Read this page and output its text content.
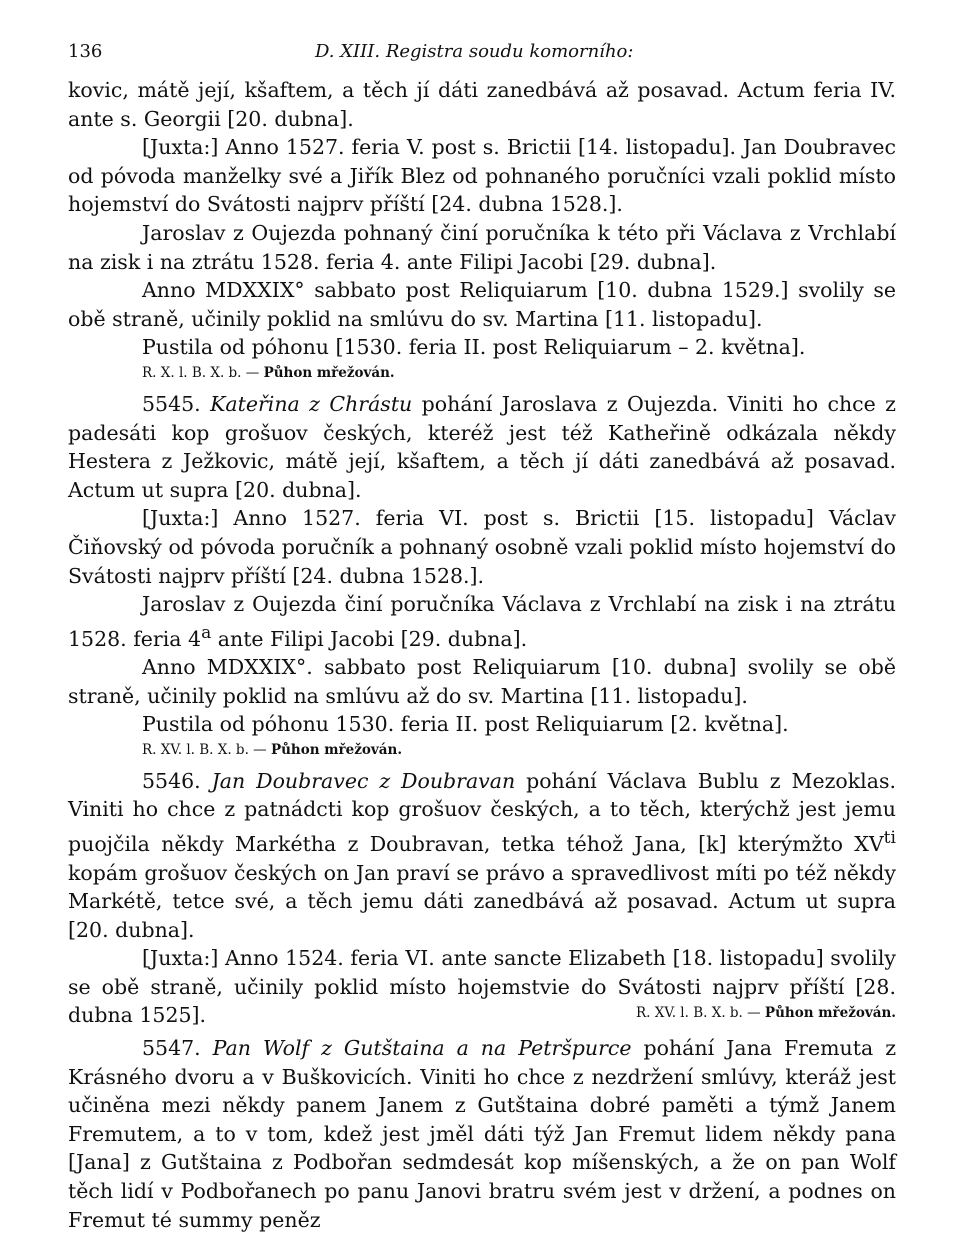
136	D. XIII. Registra soudu komorního:

kovic, mátě její, kšaftem, a těch jí dáti zanedbává až posavad. Actum feria IV. ante s. Georgii [20. dubna].

[Juxta:] Anno 1527. feria V. post s. Brictii [14. listopadu]. Jan Doubravec od póvoda manželky své a Jiřík Blez od pohnaného poručníci vzali poklid místo hojemství do Svátosti najprv příští [24. dubna 1528.].

Jaroslav z Oujezda pohnaný činí poručníka k této při Václava z Vrchlabí na zisk i na ztrátu 1528. feria 4. ante Filipi Jacobi [29. dubna].

Anno MDXXIX° sabbato post Reliquiarum [10. dubna 1529.] svolily se obě straně, učinily poklid na smlúvu do sv. Martina [11. listopadu].

Pustila od póhonu [1530. feria II. post Reliquiarum – 2. května].

R. X. l. B. X. b. — Půhon mřežován.

5545. Kateřina z Chrástu pohání Jaroslava z Oujezda. Viniti ho chce z padesáti kop grošuov českých, kteréž jest též Katheřině odkázala někdy Hestera z Ježkovic, mátě její, kšaftem, a těch jí dáti zanedbává až posavad. Actum ut supra [20. dubna].

[Juxta:] Anno 1527. feria VI. post s. Brictii [15. listopadu] Václav Čiňovský od póvoda poručník a pohnaný osobně vzali poklid místo hojemství do Svátosti najprv příští [24. dubna 1528.].

Jaroslav z Oujezda činí poručníka Václava z Vrchlabí na zisk i na ztrátu 1528. feria 4$^a$ ante Filipi Jacobi [29. dubna].

Anno MDXXIX°. sabbato post Reliquiarum [10. dubna] svolily se obě straně, učinily poklid na smlúvu až do sv. Martina [11. listopadu].

Pustila od póhonu 1530. feria II. post Reliquiarum [2. května].

R. XV. l. B. X. b. — Půhon mřežován.

5546. Jan Doubravec z Doubravan pohání Václava Bublu z Mezoklas. Viniti ho chce z patnádcti kop grošuov českých, a to těch, kterýchž jest jemu puojčila někdy Markétha z Doubravan, tetka téhož Jana, [k] kterýmžto $XV^{ti}$ kopám grošuov českých on Jan praví se právo a spravedlivost míti po též někdy Markétě, tetce své, a těch jemu dáti zanedbává až posavad. Actum ut supra [20. dubna].

[Juxta:] Anno 1524. feria VI. ante sancte Elizabeth [18. listopadu] svolily se obě straně, učinily poklid místo hojemstvie do Svátosti najprv příští [28. dubna 1525].	R. XV. l. B. X. b. — Půhon mřežován.

5547. Pan Wolf z Gutštaina a na Petršpurce pohání Jana Fremuta z Krásného dvoru a v Buškovicích. Viniti ho chce z nezdržení smlúvy, kteráž jest učiněna mezi někdy panem Janem z Gutštaina dobré paměti a týmž Janem Fremutem, a to v tom, kdež jest jměl dáti týž Jan Fremut lidem někdy pana [Jana] z Gutštaina z Podbořan sedmdesát kop míšenských, a že on pan Wolf těch lidí v Podbořanech po panu Janovi bratru svém jest v držení, a podnes on Fremut té summy peněz
